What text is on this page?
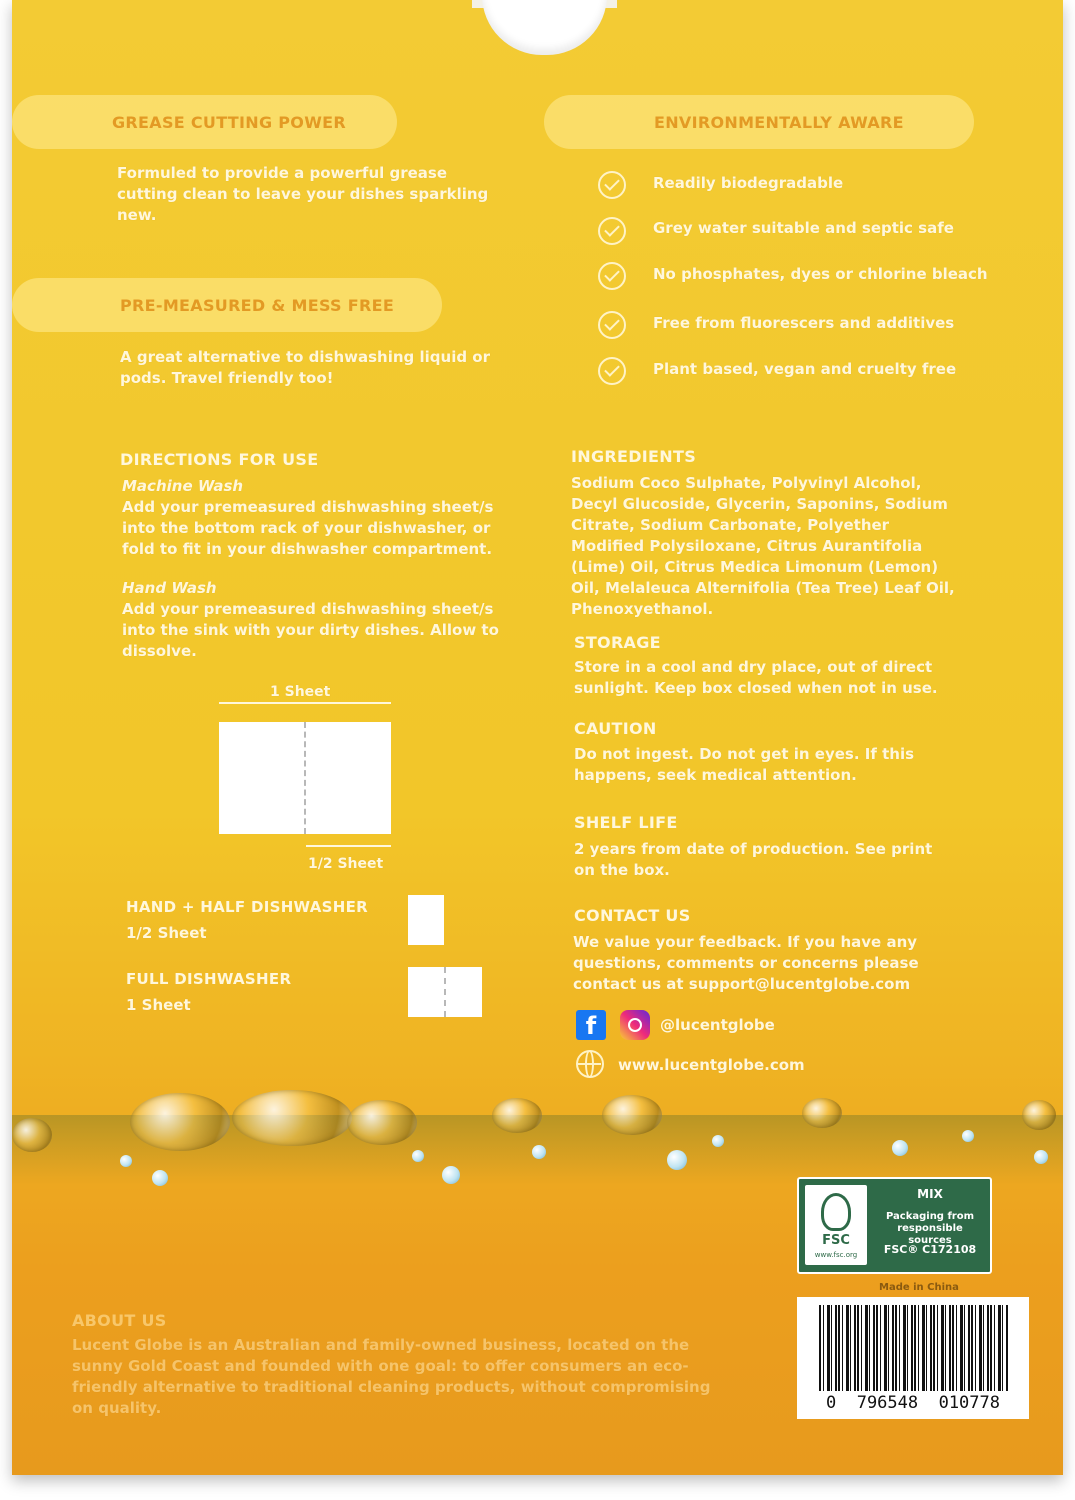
GREASE CUTTING POWER
Formuled to provide a powerful grease cutting clean to leave your dishes sparkling new.
PRE-MEASURED & MESS FREE
A great alternative to dishwashing liquid or pods. Travel friendly too!
DIRECTIONS FOR USE
Machine Wash
Add your premeasured dishwashing sheet/s into the bottom rack of your dishwasher, or fold to fit in your dishwasher compartment.
Hand Wash
Add your premeasured dishwashing sheet/s into the sink with your dirty dishes. Allow to dissolve.
1 Sheet
1/2 Sheet
HAND + HALF DISHWASHER
1/2 Sheet
FULL DISHWASHER
1 Sheet
ENVIRONMENTALLY AWARE
Readily biodegradable
Grey water suitable and septic safe
No phosphates, dyes or chlorine bleach
Free from fluorescers and additives
Plant based, vegan and cruelty free
INGREDIENTS
Sodium Coco Sulphate, Polyvinyl Alcohol, Decyl Glucoside, Glycerin, Saponins, Sodium Citrate, Sodium Carbonate, Polyether Modified Polysiloxane, Citrus Aurantifolia (Lime) Oil, Citrus Medica Limonum (Lemon) Oil, Melaleuca Alternifolia (Tea Tree) Leaf Oil, Phenoxyethanol.
STORAGE
Store in a cool and dry place, out of direct sunlight. Keep box closed when not in use.
CAUTION
Do not ingest. Do not get in eyes. If this happens, seek medical attention.
SHELF LIFE
2 years from date of production. See print on the box.
CONTACT US
We value your feedback. If you have any questions, comments or concerns please contact us at support@lucentglobe.com
f	@lucentglobe
www.lucentglobe.com
FSC
www.fsc.org
MIX
Packaging from responsible sources
FSC® C172108
Made in China
0  796548  010778
ABOUT US
Lucent Globe is an Australian and family-owned business, located on the sunny Gold Coast and founded with one goal: to offer consumers an eco-friendly alternative to traditional cleaning products, without compromising on quality.
